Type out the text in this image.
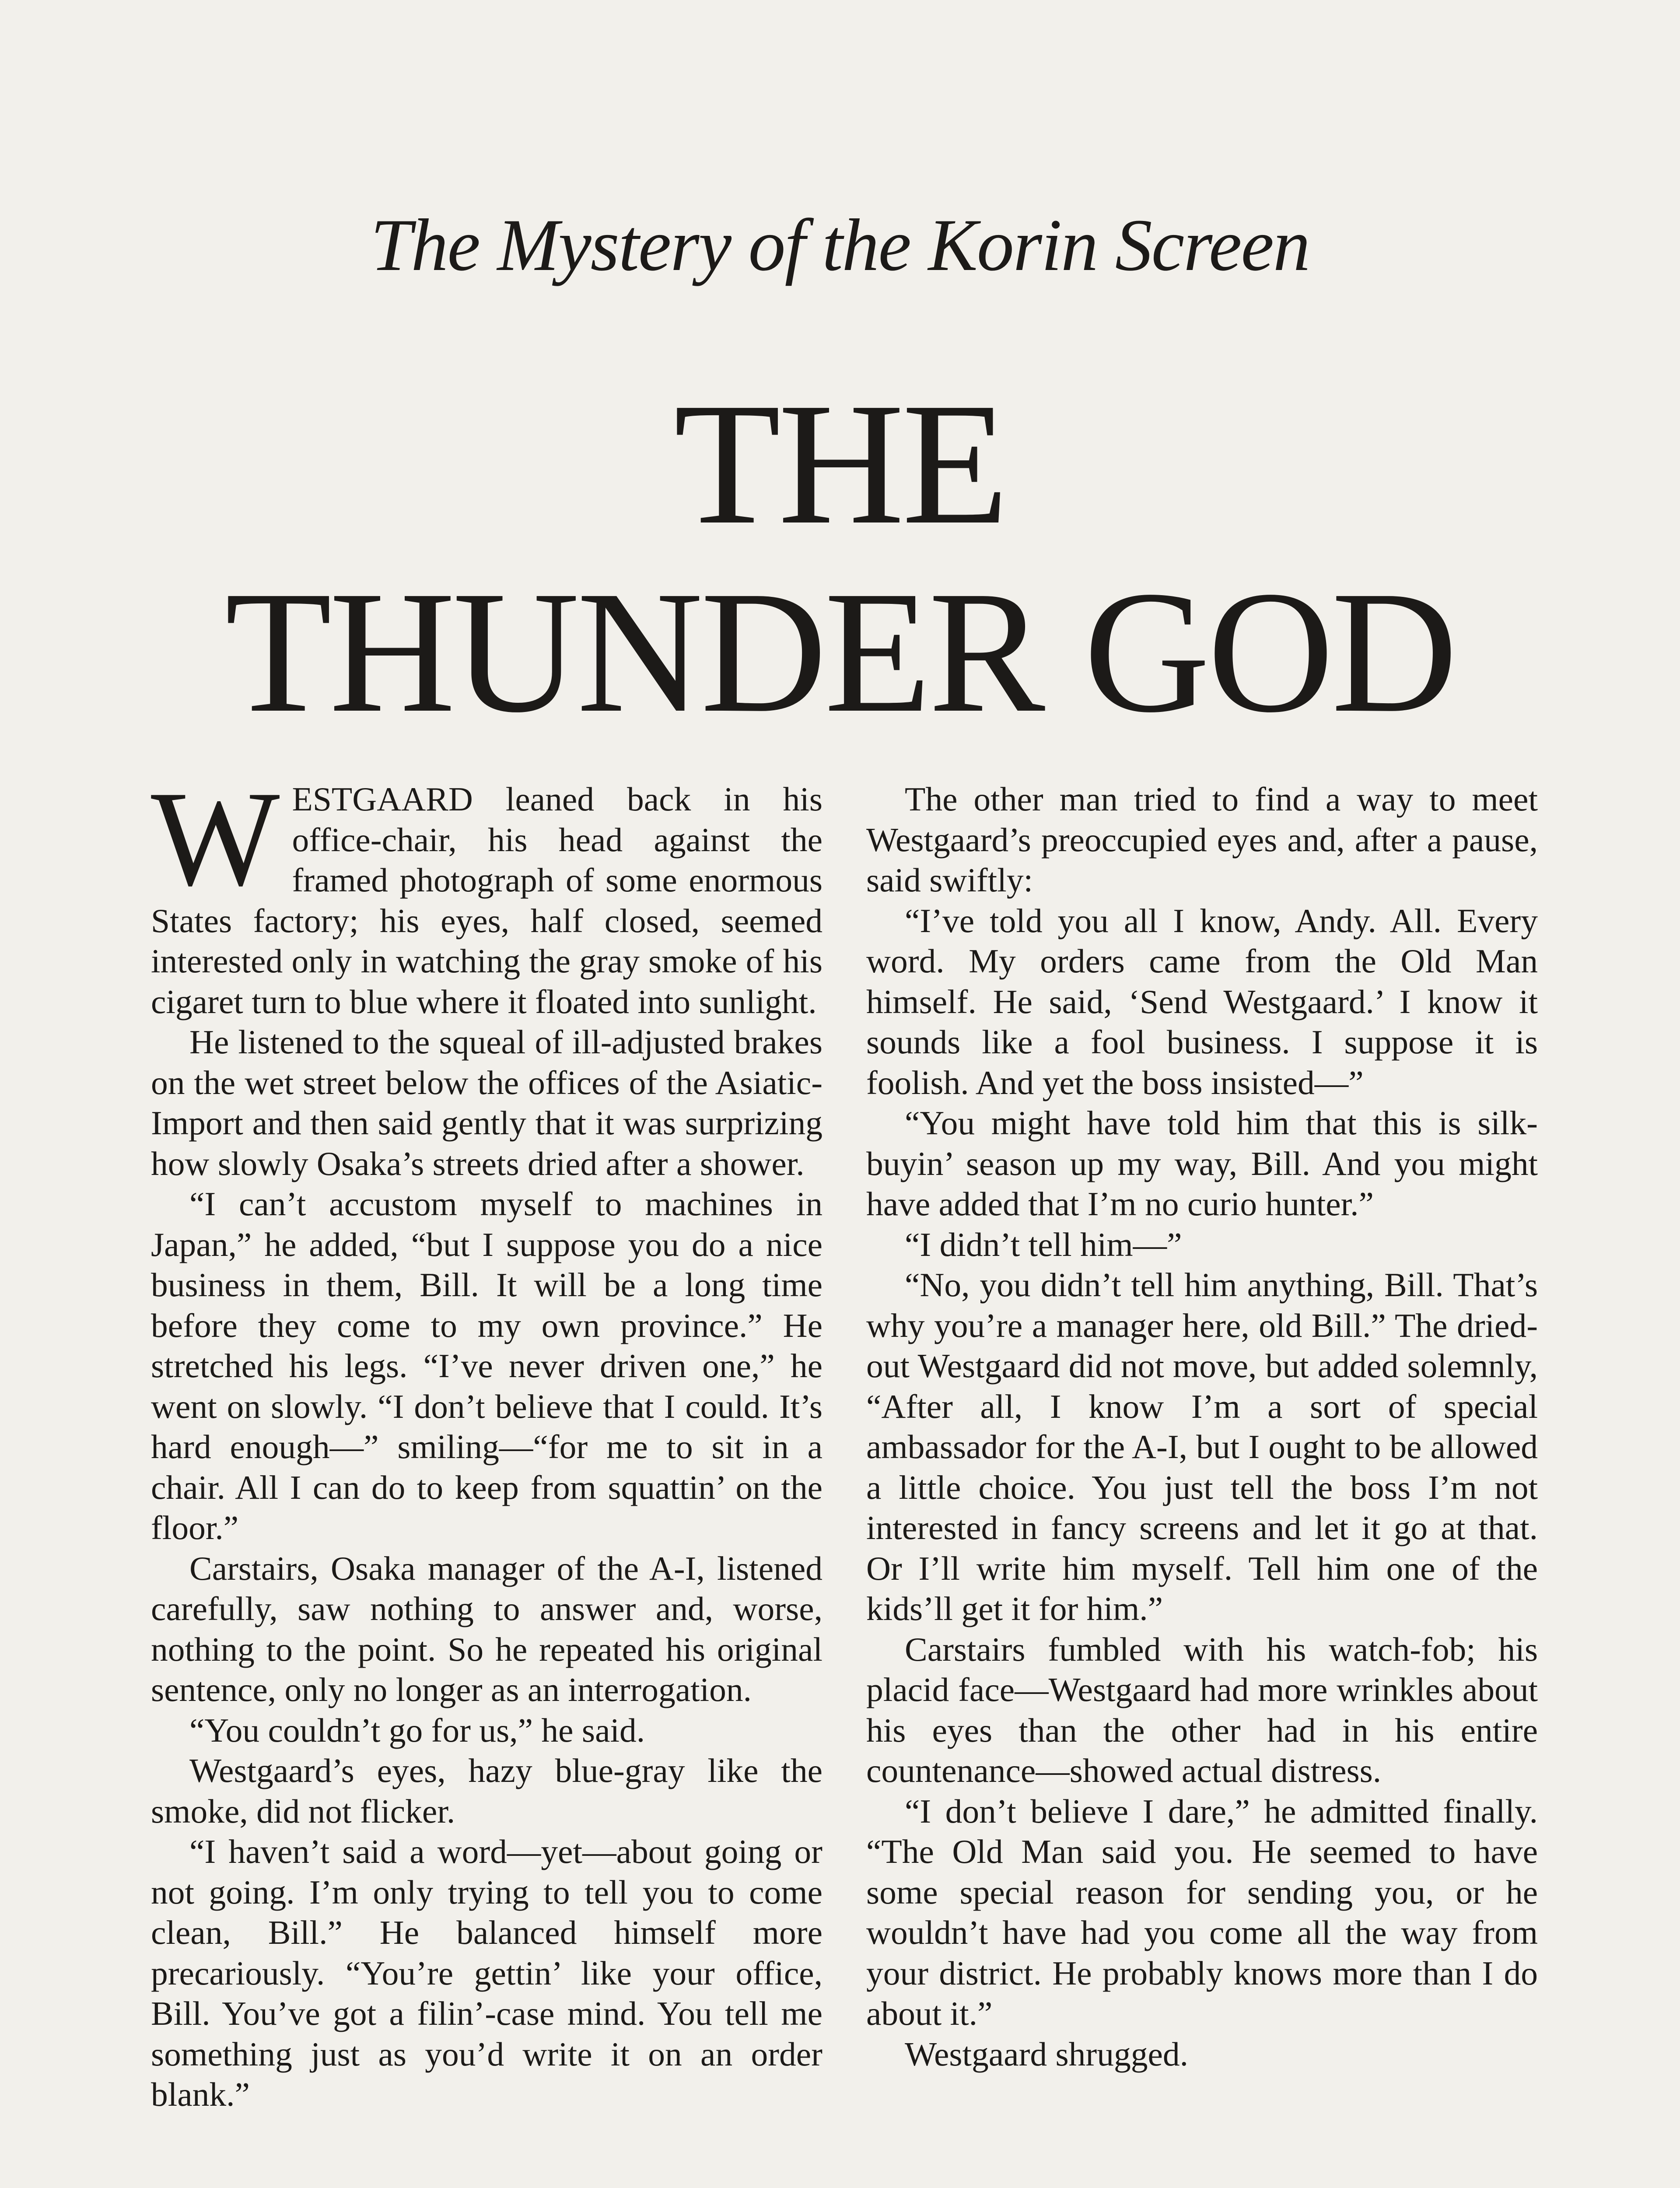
The Mystery of the Korin Screen
THE
THUNDER GOD

WESTGAARD leaned back in his office-chair, his head against the framed photograph of some enormous States factory; his eyes, half closed, seemed interested only in watching the gray smoke of his cigaret turn to blue where it floated into sunlight.

He listened to the squeal of ill-adjusted brakes on the wet street below the offices of the Asiatic-Import and then said gently that it was surprizing how slowly Osaka’s streets dried after a shower.

“I can’t accustom myself to machines in Japan,” he added, “but I suppose you do a nice business in them, Bill. It will be a long time before they come to my own province.” He stretched his legs. “I’ve never driven one,” he went on slowly. “I don’t believe that I could. It’s hard enough—” smiling—“for me to sit in a chair. All I can do to keep from squattin’ on the floor.”

Carstairs, Osaka manager of the A-I, listened carefully, saw nothing to answer and, worse, nothing to the point. So he repeated his original sentence, only no longer as an interrogation.

“You couldn’t go for us,” he said.

Westgaard’s eyes, hazy blue-gray like the smoke, did not flicker.

“I haven’t said a word—yet—about going or not going. I’m only trying to tell you to come clean, Bill.” He balanced himself more precariously. “You’re gettin’ like your office, Bill. You’ve got a filin’-case mind. You tell me something just as you’d write it on an order blank.”

The other man tried to find a way to meet Westgaard’s preoccupied eyes and, after a pause, said swiftly:

“I’ve told you all I know, Andy. All. Every word. My orders came from the Old Man himself. He said, ‘Send Westgaard.’ I know it sounds like a fool business. I suppose it is foolish. And yet the boss insisted—”

“You might have told him that this is silk-buyin’ season up my way, Bill. And you might have added that I’m no curio hunter.”

“I didn’t tell him—”

“No, you didn’t tell him anything, Bill. That’s why you’re a manager here, old Bill.” The dried-out Westgaard did not move, but added solemnly, “After all, I know I’m a sort of special ambassador for the A-I, but I ought to be allowed a little choice. You just tell the boss I’m not interested in fancy screens and let it go at that. Or I’ll write him myself. Tell him one of the kids’ll get it for him.”

Carstairs fumbled with his watch-fob; his placid face—Westgaard had more wrinkles about his eyes than the other had in his entire countenance—showed actual distress.

“I don’t believe I dare,” he admitted finally. “The Old Man said you. He seemed to have some special reason for sending you, or he wouldn’t have had you come all the way from your district. He probably knows more than I do about it.”

Westgaard shrugged.
